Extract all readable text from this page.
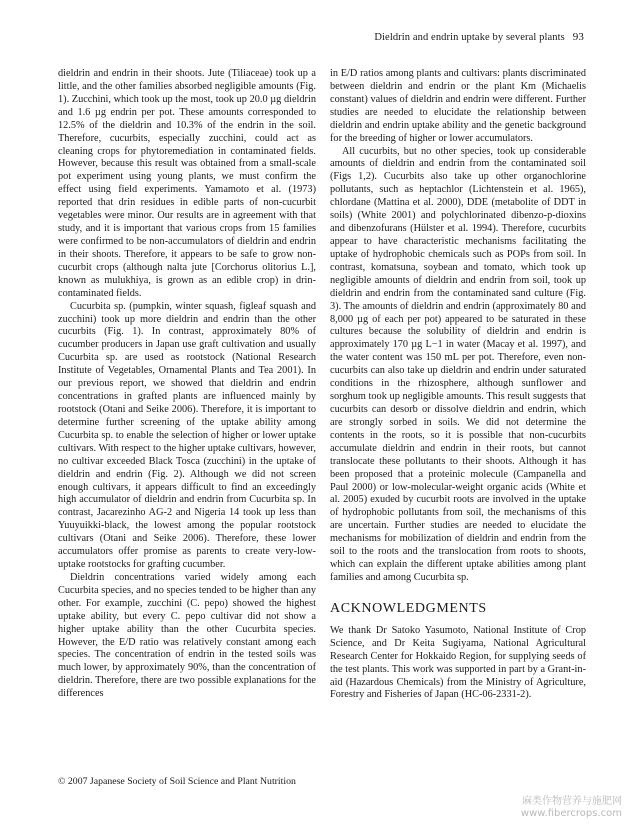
Dieldrin and endrin uptake by several plants 93

dieldrin and endrin in their shoots. Jute (Tiliaceae) took up a little, and the other families absorbed negligible amounts (Fig. 1). Zucchini, which took up the most, took up 20.0 µg dieldrin and 1.6 µg endrin per pot. These amounts corresponded to 12.5% of the dieldrin and 10.3% of the endrin in the soil. Therefore, cucurbits, especially zucchini, could act as cleaning crops for phytoremediation in contaminated fields. However, because this result was obtained from a small-scale pot experiment using young plants, we must confirm the effect using field experiments. Yamamoto et al. (1973) reported that drin residues in edible parts of non-cucurbit vegetables were minor. Our results are in agreement with that study, and it is important that various crops from 15 families were confirmed to be non-accumulators of dieldrin and endrin in their shoots. Therefore, it appears to be safe to grow non-cucurbit crops (although nalta jute [Corchorus olitorius L.], known as mulukhiya, is grown as an edible crop) in drin-contaminated fields.

Cucurbita sp. (pumpkin, winter squash, figleaf squash and zucchini) took up more dieldrin and endrin than the other cucurbits (Fig. 1). In contrast, approximately 80% of cucumber producers in Japan use graft cultivation and usually Cucurbita sp. are used as rootstock (National Research Institute of Vegetables, Ornamental Plants and Tea 2001). In our previous report, we showed that dieldrin and endrin concentrations in grafted plants are influenced mainly by rootstock (Otani and Seike 2006). Therefore, it is important to determine further screening of the uptake ability among Cucurbita sp. to enable the selection of higher or lower uptake cultivars. With respect to the higher uptake cultivars, however, no cultivar exceeded Black Tosca (zucchini) in the uptake of dieldrin and endrin (Fig. 2). Although we did not screen enough cultivars, it appears difficult to find an exceedingly high accumulator of dieldrin and endrin from Cucurbita sp. In contrast, Jacarezinho AG-2 and Nigeria 14 took up less than Yuuyuikki-black, the lowest among the popular rootstock cultivars (Otani and Seike 2006). Therefore, these lower accumulators offer promise as parents to create very-low-uptake rootstocks for grafting cucumber.

Dieldrin concentrations varied widely among each Cucurbita species, and no species tended to be higher than any other. For example, zucchini (C. pepo) showed the highest uptake ability, but every C. pepo cultivar did not show a higher uptake ability than the other Cucurbita species. However, the E/D ratio was relatively constant among each species. The concentration of endrin in the tested soils was much lower, by approximately 90%, than the concentration of dieldrin. Therefore, there are two possible explanations for the differences

in E/D ratios among plants and cultivars: plants discriminated between dieldrin and endrin or the plant Km (Michaelis constant) values of dieldrin and endrin were different. Further studies are needed to elucidate the relationship between dieldrin and endrin uptake ability and the genetic background for the breeding of higher or lower accumulators.

All cucurbits, but no other species, took up considerable amounts of dieldrin and endrin from the contaminated soil (Figs 1,2). Cucurbits also take up other organochlorine pollutants, such as heptachlor (Lichtenstein et al. 1965), chlordane (Mattina et al. 2000), DDE (metabolite of DDT in soils) (White 2001) and polychlorinated dibenzo-p-dioxins and dibenzofurans (Hülster et al. 1994). Therefore, cucurbits appear to have characteristic mechanisms facilitating the uptake of hydrophobic chemicals such as POPs from soil. In contrast, komatsuna, soybean and tomato, which took up negligible amounts of dieldrin and endrin from soil, took up dieldrin and endrin from the contaminated sand culture (Fig. 3). The amounts of dieldrin and endrin (approximately 80 and 8,000 µg of each per pot) appeared to be saturated in these cultures because the solubility of dieldrin and endrin is approximately 170 µg L−1 in water (Macay et al. 1997), and the water content was 150 mL per pot. Therefore, even non-cucurbits can also take up dieldrin and endrin under saturated conditions in the rhizosphere, although sunflower and sorghum took up negligible amounts. This result suggests that cucurbits can desorb or dissolve dieldrin and endrin, which are strongly sorbed in soils. We did not determine the contents in the roots, so it is possible that non-cucurbits accumulate dieldrin and endrin in their roots, but cannot translocate these pollutants to their shoots. Although it has been proposed that a proteinic molecule (Campanella and Paul 2000) or low-molecular-weight organic acids (White et al. 2005) exuded by cucurbit roots are involved in the uptake of hydrophobic pollutants from soil, the mechanisms of this are uncertain. Further studies are needed to elucidate the mechanisms for mobilization of dieldrin and endrin from the soil to the roots and the translocation from roots to shoots, which can explain the different uptake abilities among plant families and among Cucurbita sp.

ACKNOWLEDGMENTS

We thank Dr Satoko Yasumoto, National Institute of Crop Science, and Dr Keita Sugiyama, National Agricultural Research Center for Hokkaido Region, for supplying seeds of the test plants. This work was supported in part by a Grant-in-aid (Hazardous Chemicals) from the Ministry of Agriculture, Forestry and Fisheries of Japan (HC-06-2331-2).

© 2007 Japanese Society of Soil Science and Plant Nutrition
麻类作物营养与施肥网
www.fibercrops.com
